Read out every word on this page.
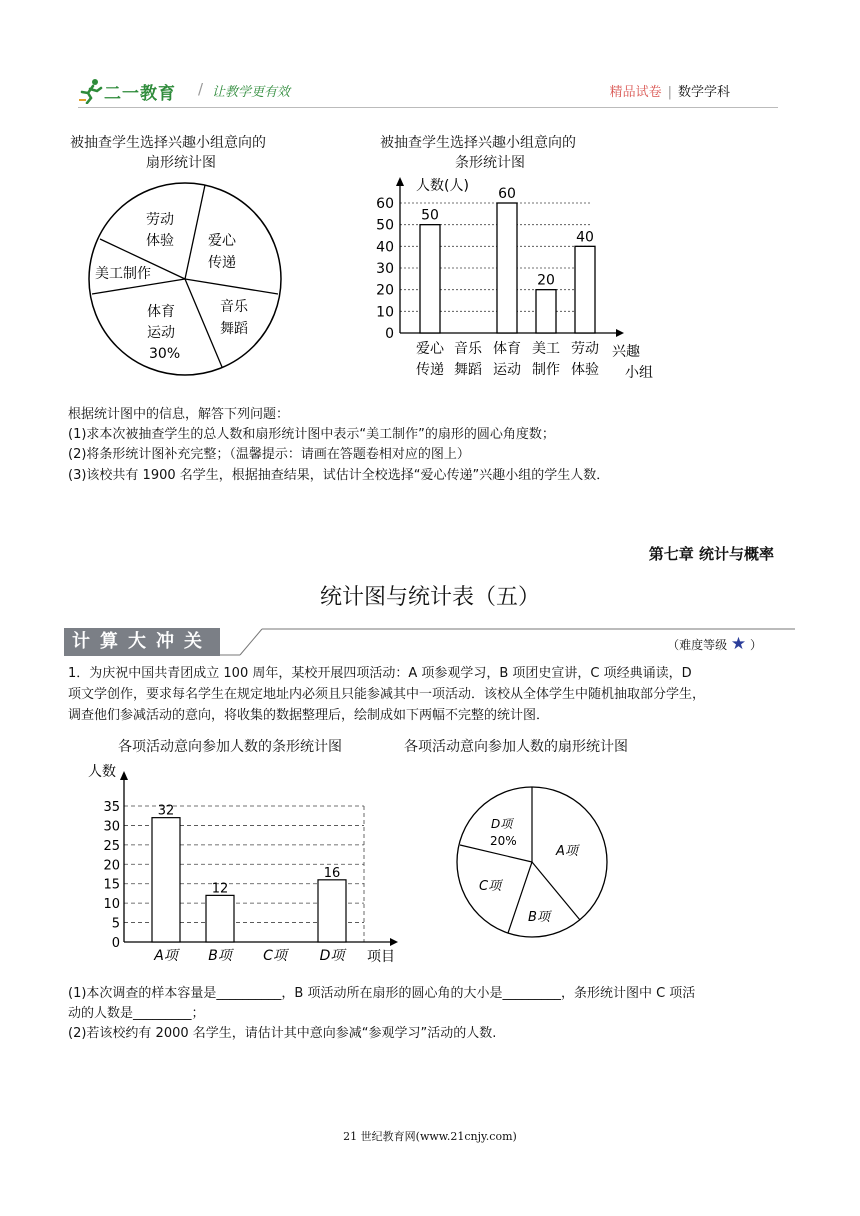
二一教育 / 让教学更有效	精品试卷 | 数学学科
被抽查学生选择兴趣小组意向的
扇形统计图
劳动
体验 爱心
传递
美工制作
音乐
舞蹈
体育
运动
30%
被抽查学生选择兴趣小组意向的
条形统计图
人数(人)
兴趣
小组
0
10
20
30
40
50
60
50
60
20
40
爱心
传递
音乐
舞蹈
体育
运动
美工
制作
劳动
体验
根据统计图中的信息，解答下列问题：
(1)求本次被抽查学生的总人数和扇形统计图中表示“美工制作”的扇形的圆心角度数；
(2)将条形统计图补充完整；（温馨提示：请画在答题卷相对应的图上）
(3)该校共有 1900 名学生，根据抽查结果，试估计全校选择“爱心传递”兴趣小组的学生人数．
第七章 统计与概率
统计图与统计表（五）
计算大冲关	（难度等级 ★ ）
1．为庆祝中国共青团成立 100 周年，某校开展四项活动：A 项参观学习，B 项团史宣讲，C 项经典诵读，D
项文学创作，要求每名学生在规定地址内必须且只能参减其中一项活动．该校从全体学生中随机抽取部分学生，
调查他们参减活动的意向，将收集的数据整理后，绘制成如下两幅不完整的统计图．
各项活动意向参加人数的条形统计图
人数
项目
0
5
10
15
20
25
30
35	32
12
16
A项 B项 C项 D项
各项活动意向参加人数的扇形统计图
D项
20%
A项
C项
B项
(1)本次调查的样本容量是__________，B 项活动所在扇形的圆心角的大小是_________，条形统计图中 C 项活
动的人数是_________；
(2)若该校约有 2000 名学生，请估计其中意向参减“参观学习”活动的人数.
21 世纪教育网(www.21cnjy.com)
